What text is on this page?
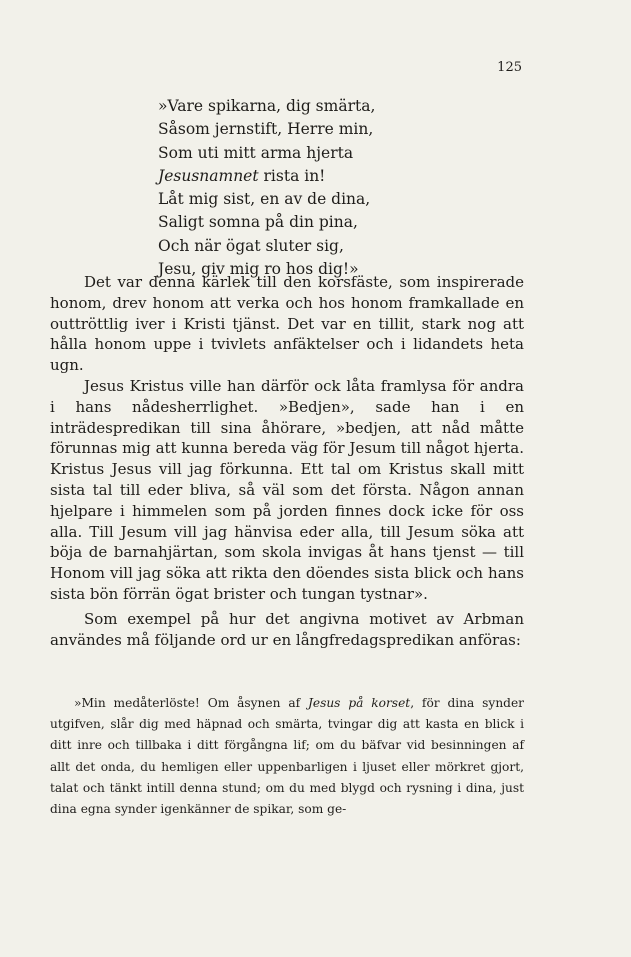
125
»Vare spikarna, dig smärta,
Såsom jernstift, Herre min,
Som uti mitt arma hjerta
Jesusnamnet rista in!
Låt mig sist, en av de dina,
Saligt somna på din pina,
Och när ögat sluter sig,
Jesu, giv mig ro hos dig!»

Det var denna kärlek till den korsfäste, som inspirerade honom, drev honom att verka och hos honom framkallade en outtröttlig iver i Kristi tjänst. Det var en tillit, stark nog att hålla honom uppe i tvivlets anfäktelser och i lidandets heta ugn.

Jesus Kristus ville han därför ock låta framlysa för andra i hans nådesherrlighet. »Bedjen», sade han i en inträdespredikan till sina åhörare, »bedjen, att nåd måtte förunnas mig att kunna bereda väg för Jesum till något hjerta. Kristus Jesus vill jag förkunna. Ett tal om Kristus skall mitt sista tal till eder bliva, så väl som det första. Någon annan hjelpare i himmelen som på jorden finnes dock icke för oss alla. Till Jesum vill jag hänvisa eder alla, till Jesum söka att böja de barnahjärtan, som skola invigas åt hans tjenst — till Honom vill jag söka att rikta den döendes sista blick och hans sista bön förrän ögat brister och tungan tystnar».

Som exempel på hur det angivna motivet av Arbman användes må följande ord ur en långfredagspredikan anföras:

»Min medåterlöste! Om åsynen af Jesus på korset, för dina synder utgifven, slår dig med häpnad och smärta, tvingar dig att kasta en blick i ditt inre och tillbaka i ditt förgångna lif; om du bäfvar vid besinningen af allt det onda, du hemligen eller uppenbarligen i ljuset eller mörkret gjort, talat och tänkt intill denna stund; om du med blygd och rysning i dina, just dina egna synder igenkänner de spikar, som ge-
